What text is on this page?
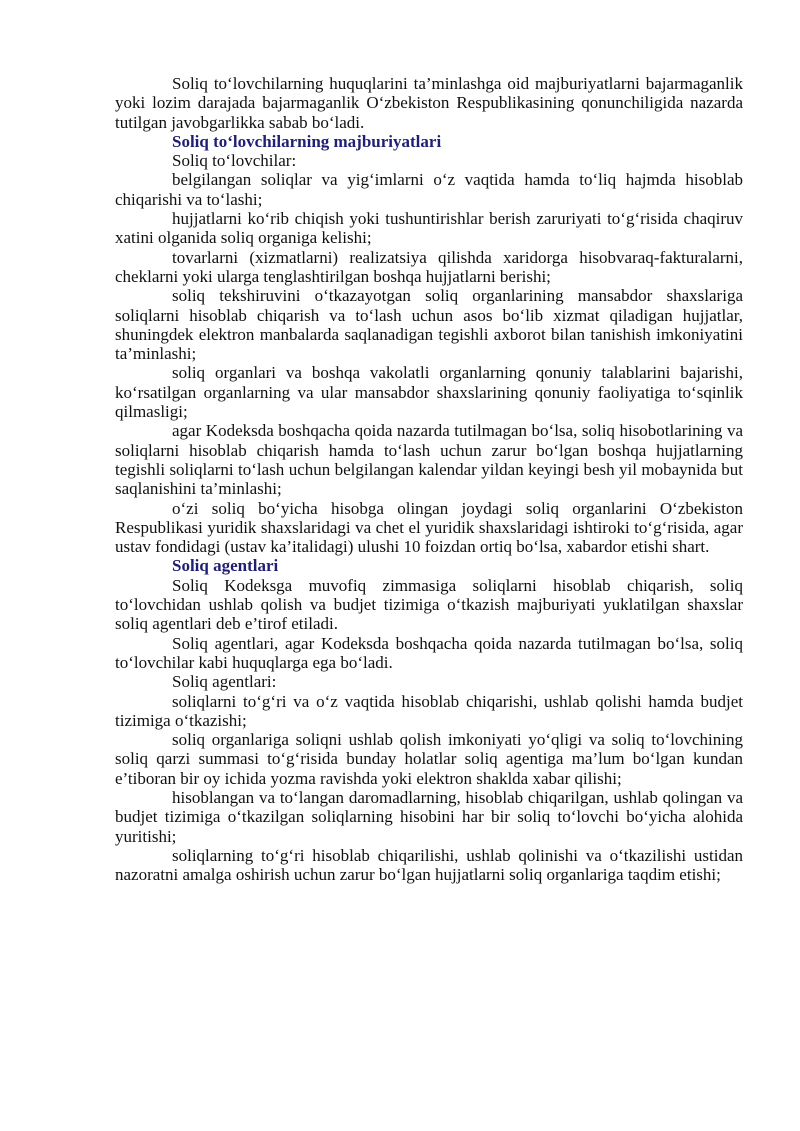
Soliq to‘lovchilarning huquqlarini ta’minlashga oid majburiyatlarni bajarmaganlik yoki lozim darajada bajarmaganlik O‘zbekiston Respublikasining qonunchiligida nazarda tutilgan javobgarlikka sabab bo‘ladi.

Soliq to‘lovchilarning majburiyatlari

Soliq to‘lovchilar:

belgilangan soliqlar va yig‘imlarni o‘z vaqtida hamda to‘liq hajmda hisoblab chiqarishi va to‘lashi;

hujjatlarni ko‘rib chiqish yoki tushuntirishlar berish zaruriyati to‘g‘risida chaqiruv xatini olganida soliq organiga kelishi;

tovarlarni (xizmatlarni) realizatsiya qilishda xaridorga hisobvaraq-fakturalarni, cheklarni yoki ularga tenglashtirilgan boshqa hujjatlarni berishi;

soliq tekshiruvini o‘tkazayotgan soliq organlarining mansabdor shaxslariga soliqlarni hisoblab chiqarish va to‘lash uchun asos bo‘lib xizmat qiladigan hujjatlar, shuningdek elektron manbalarda saqlanadigan tegishli axborot bilan tanishish imkoniyatini ta’minlashi;

soliq organlari va boshqa vakolatli organlarning qonuniy talablarini bajarishi, ko‘rsatilgan organlarning va ular mansabdor shaxslarining qonuniy faoliyatiga to‘sqinlik qilmasligi;

agar Kodeksda boshqacha qoida nazarda tutilmagan bo‘lsa, soliq hisobotlarining va soliqlarni hisoblab chiqarish hamda to‘lash uchun zarur bo‘lgan boshqa hujjatlarning tegishli soliqlarni to‘lash uchun belgilangan kalendar yildan keyingi besh yil mobaynida but saqlanishini ta’minlashi;

o‘zi soliq bo‘yicha hisobga olingan joydagi soliq organlarini O‘zbekiston Respublikasi yuridik shaxslaridagi va chet el yuridik shaxslaridagi ishtiroki to‘g‘risida, agar ustav fondidagi (ustav ka’italidagi) ulushi 10 foizdan ortiq bo‘lsa, xabardor etishi shart.

Soliq agentlari

Soliq Kodeksga muvofiq zimmasiga soliqlarni hisoblab chiqarish, soliq to‘lovchidan ushlab qolish va budjet tizimiga o‘tkazish majburiyati yuklatilgan shaxslar soliq agentlari deb e’tirof etiladi.

Soliq agentlari, agar Kodeksda boshqacha qoida nazarda tutilmagan bo‘lsa, soliq to‘lovchilar kabi huquqlarga ega bo‘ladi.

Soliq agentlari:

soliqlarni to‘g‘ri va o‘z vaqtida hisoblab chiqarishi, ushlab qolishi hamda budjet tizimiga o‘tkazishi;

soliq organlariga soliqni ushlab qolish imkoniyati yo‘qligi va soliq to‘lovchining soliq qarzi summasi to‘g‘risida bunday holatlar soliq agentiga ma’lum bo‘lgan kundan e’tiboran bir oy ichida yozma ravishda yoki elektron shaklda xabar qilishi;

hisoblangan va to‘langan daromadlarning, hisoblab chiqarilgan, ushlab qolingan va budjet tizimiga o‘tkazilgan soliqlarning hisobini har bir soliq to‘lovchi bo‘yicha alohida yuritishi;

soliqlarning to‘g‘ri hisoblab chiqarilishi, ushlab qolinishi va o‘tkazilishi ustidan nazoratni amalga oshirish uchun zarur bo‘lgan hujjatlarni soliq organlariga taqdim etishi;
